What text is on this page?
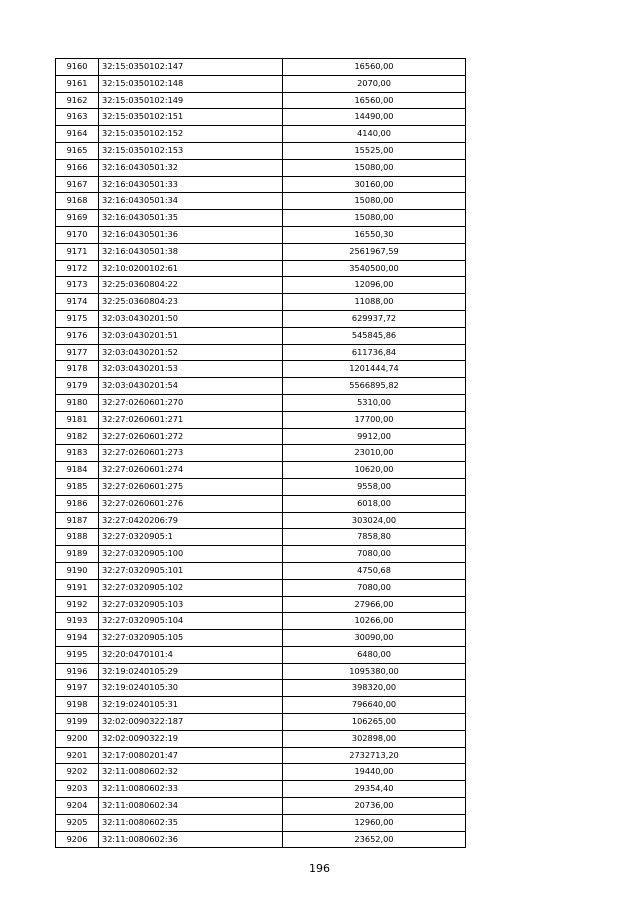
9160	32:15:0350102:147	16560,00
9161	32:15:0350102:148	2070,00
9162	32:15:0350102:149	16560,00
9163	32:15:0350102:151	14490,00
9164	32:15:0350102:152	4140,00
9165	32:15:0350102:153	15525,00
9166	32:16:0430501:32	15080,00
9167	32:16:0430501:33	30160,00
9168	32:16:0430501:34	15080,00
9169	32:16:0430501:35	15080,00
9170	32:16:0430501:36	16550,30
9171	32:16:0430501:38	2561967,59
9172	32:10:0200102:61	3540500,00
9173	32:25:0360804:22	12096,00
9174	32:25:0360804:23	11088,00
9175	32:03:0430201:50	629937,72
9176	32:03:0430201:51	545845,86
9177	32:03:0430201:52	611736,84
9178	32:03:0430201:53	1201444,74
9179	32:03:0430201:54	5566895,82
9180	32:27:0260601:270	5310,00
9181	32:27:0260601:271	17700,00
9182	32:27:0260601:272	9912,00
9183	32:27:0260601:273	23010,00
9184	32:27:0260601:274	10620,00
9185	32:27:0260601:275	9558,00
9186	32:27:0260601:276	6018,00
9187	32:27:0420206:79	303024,00
9188	32:27:0320905:1	7858,80
9189	32:27:0320905:100	7080,00
9190	32:27:0320905:101	4750,68
9191	32:27:0320905:102	7080,00
9192	32:27:0320905:103	27966,00
9193	32:27:0320905:104	10266,00
9194	32:27:0320905:105	30090,00
9195	32:20:0470101:4	6480,00
9196	32:19:0240105:29	1095380,00
9197	32:19:0240105:30	398320,00
9198	32:19:0240105:31	796640,00
9199	32:02:0090322:187	106265,00
9200	32:02:0090322:19	302898,00
9201	32:17:0080201:47	2732713,20
9202	32:11:0080602:32	19440,00
9203	32:11:0080602:33	29354,40
9204	32:11:0080602:34	20736,00
9205	32:11:0080602:35	12960,00
9206	32:11:0080602:36	23652,00
196
